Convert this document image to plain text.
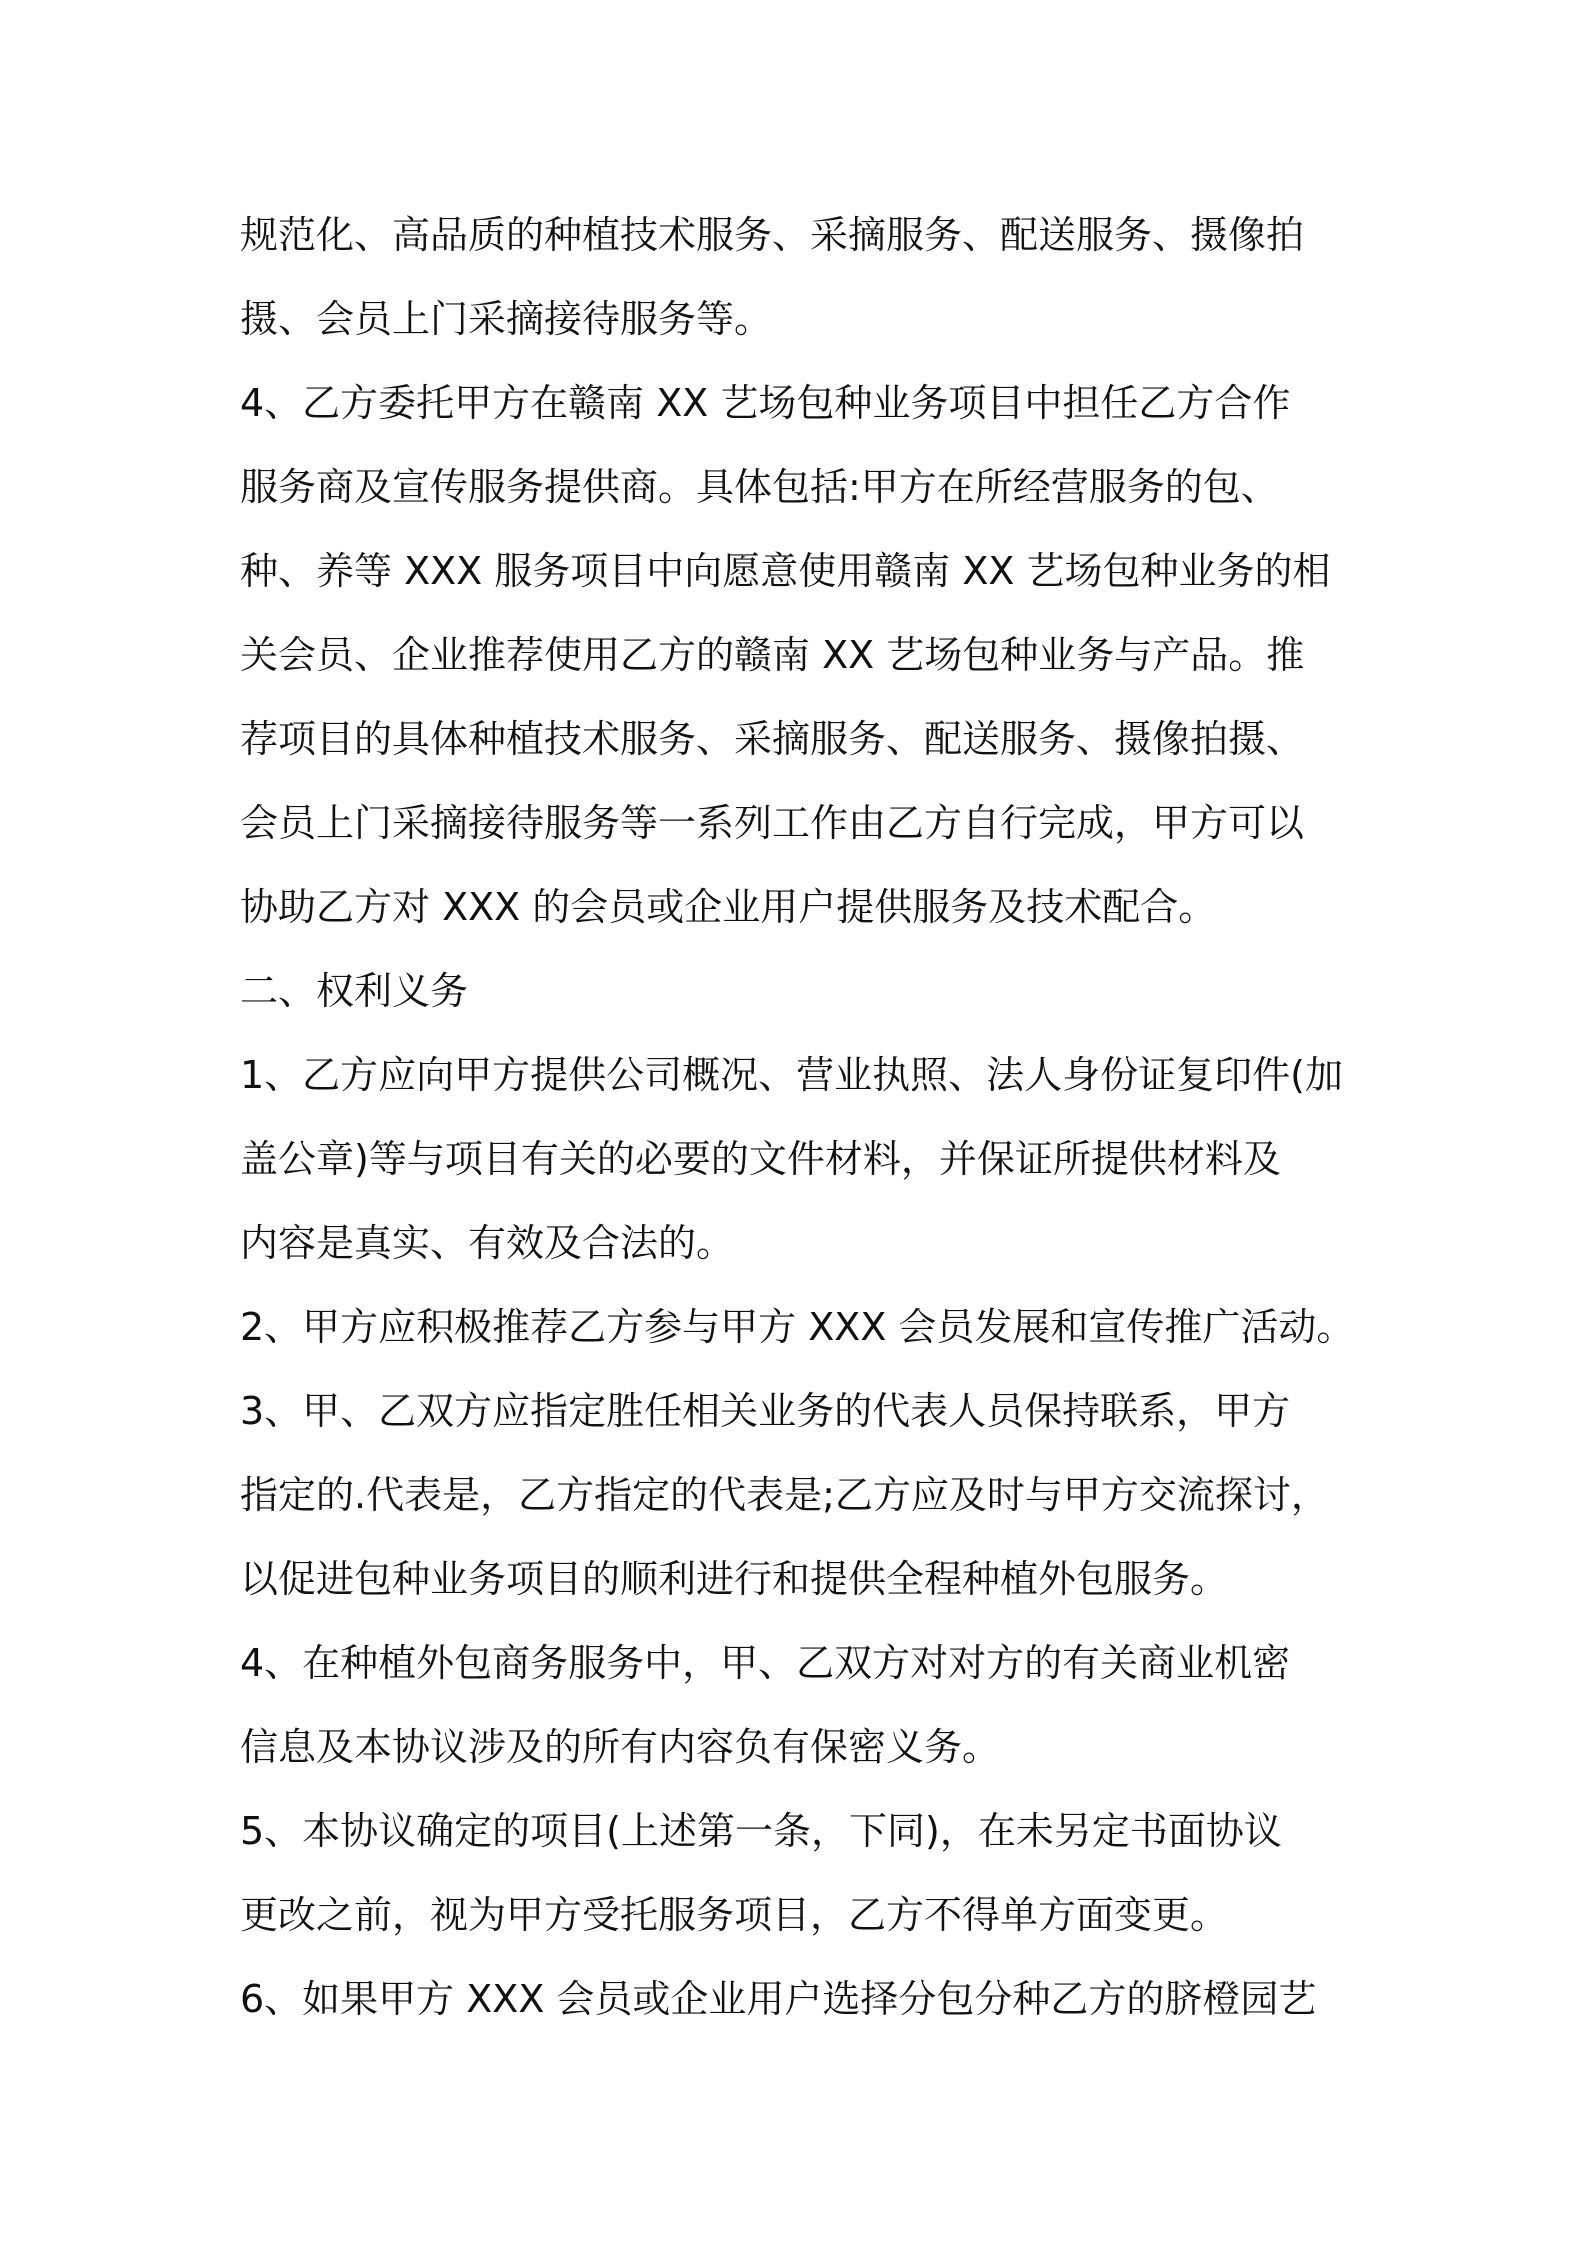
规范化、高品质的种植技术服务、采摘服务、配送服务、摄像拍
摄、会员上门采摘接待服务等。
4、乙方委托甲方在赣南 XX 艺场包种业务项目中担任乙方合作
服务商及宣传服务提供商。具体包括:甲方在所经营服务的包、
种、养等 XXX 服务项目中向愿意使用赣南 XX 艺场包种业务的相
关会员、企业推荐使用乙方的赣南 XX 艺场包种业务与产品。推
荐项目的具体种植技术服务、采摘服务、配送服务、摄像拍摄、
会员上门采摘接待服务等一系列工作由乙方自行完成，甲方可以
协助乙方对 XXX 的会员或企业用户提供服务及技术配合。
二、权利义务
1、乙方应向甲方提供公司概况、营业执照、法人身份证复印件(加
盖公章)等与项目有关的必要的文件材料，并保证所提供材料及
内容是真实、有效及合法的。
2、甲方应积极推荐乙方参与甲方 XXX 会员发展和宣传推广活动。
3、甲、乙双方应指定胜任相关业务的代表人员保持联系，甲方
指定的.代表是，乙方指定的代表是;乙方应及时与甲方交流探讨，
以促进包种业务项目的顺利进行和提供全程种植外包服务。
4、在种植外包商务服务中，甲、乙双方对对方的有关商业机密
信息及本协议涉及的所有内容负有保密义务。
5、本协议确定的项目(上述第一条，下同)，在未另定书面协议
更改之前，视为甲方受托服务项目，乙方不得单方面变更。
6、如果甲方 XXX 会员或企业用户选择分包分种乙方的脐橙园艺
